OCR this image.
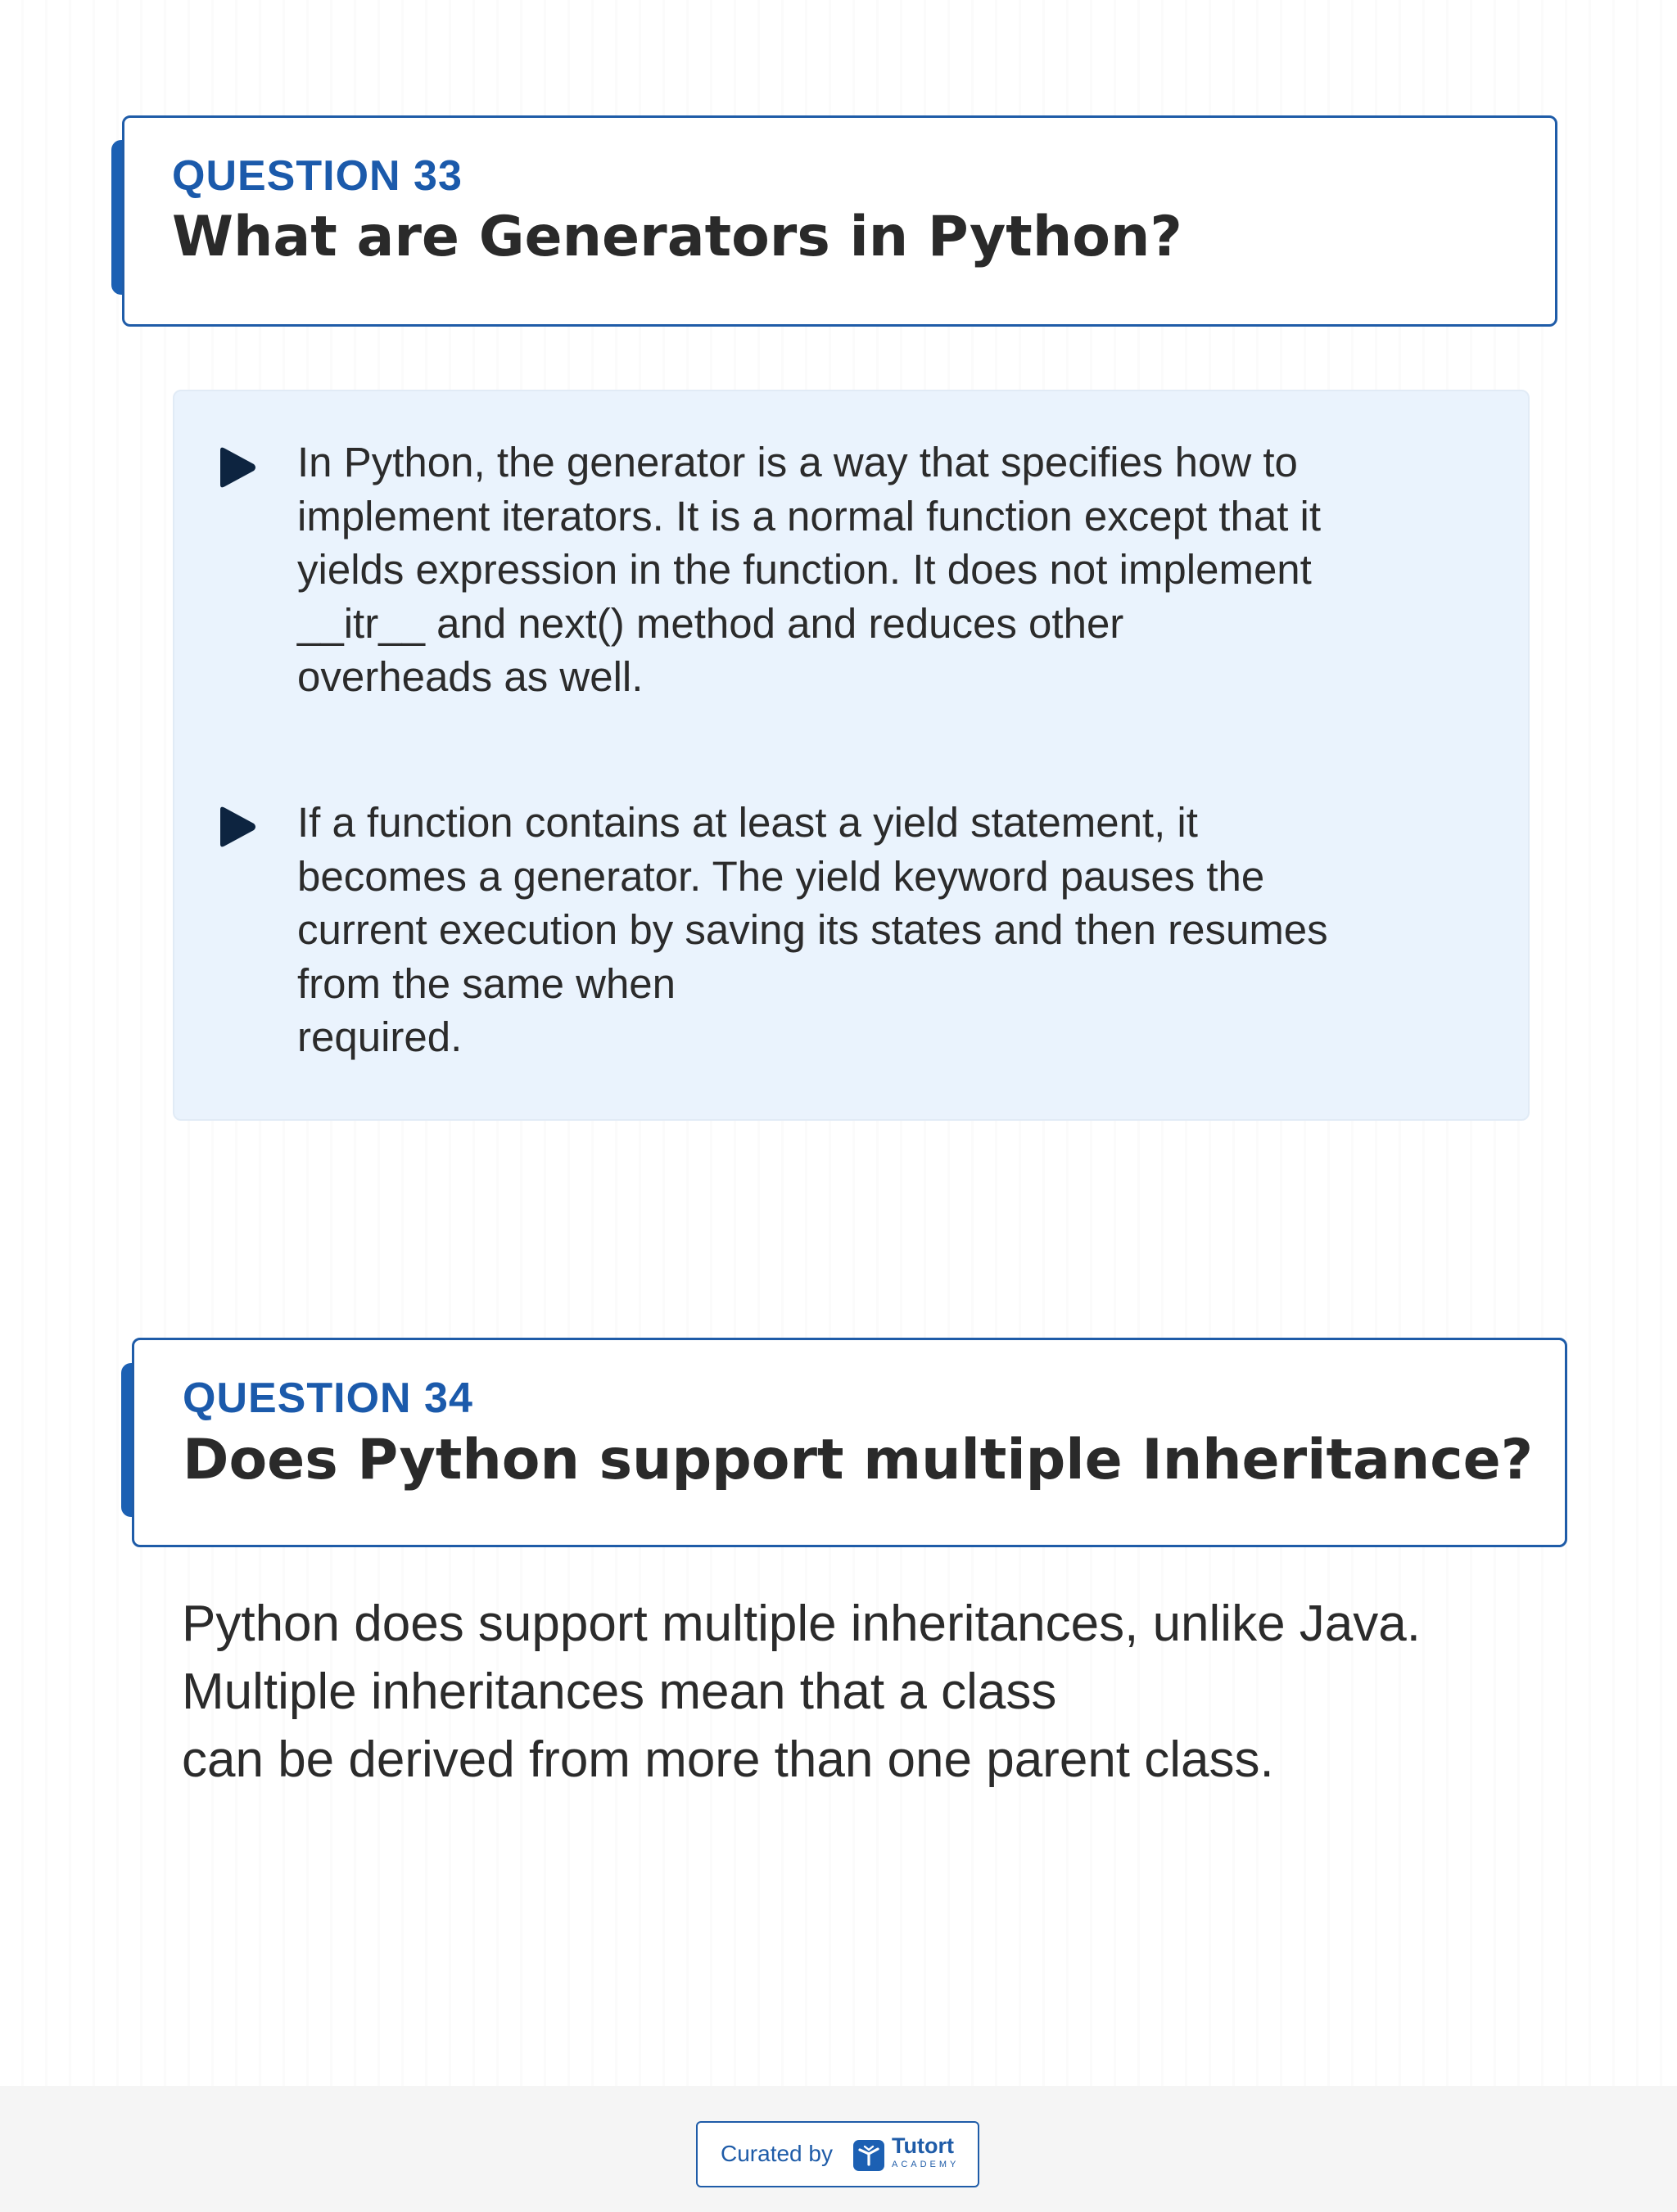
QUESTION 33
What are Generators in Python?
In Python, the generator is a way that specifies how to
implement iterators. It is a normal function except that it
yields expression in the function. It does not implement
__itr__ and next() method and reduces other
overheads as well.
If a function contains at least a yield statement, it
becomes a generator. The yield keyword pauses the
current execution by saving its states and then resumes
from the same when
required.
QUESTION 34
Does Python support multiple Inheritance?
Python does support multiple inheritances, unlike Java.
Multiple inheritances mean that a class
can be derived from more than one parent class.
Curated by	Tutort
ACADEMY
